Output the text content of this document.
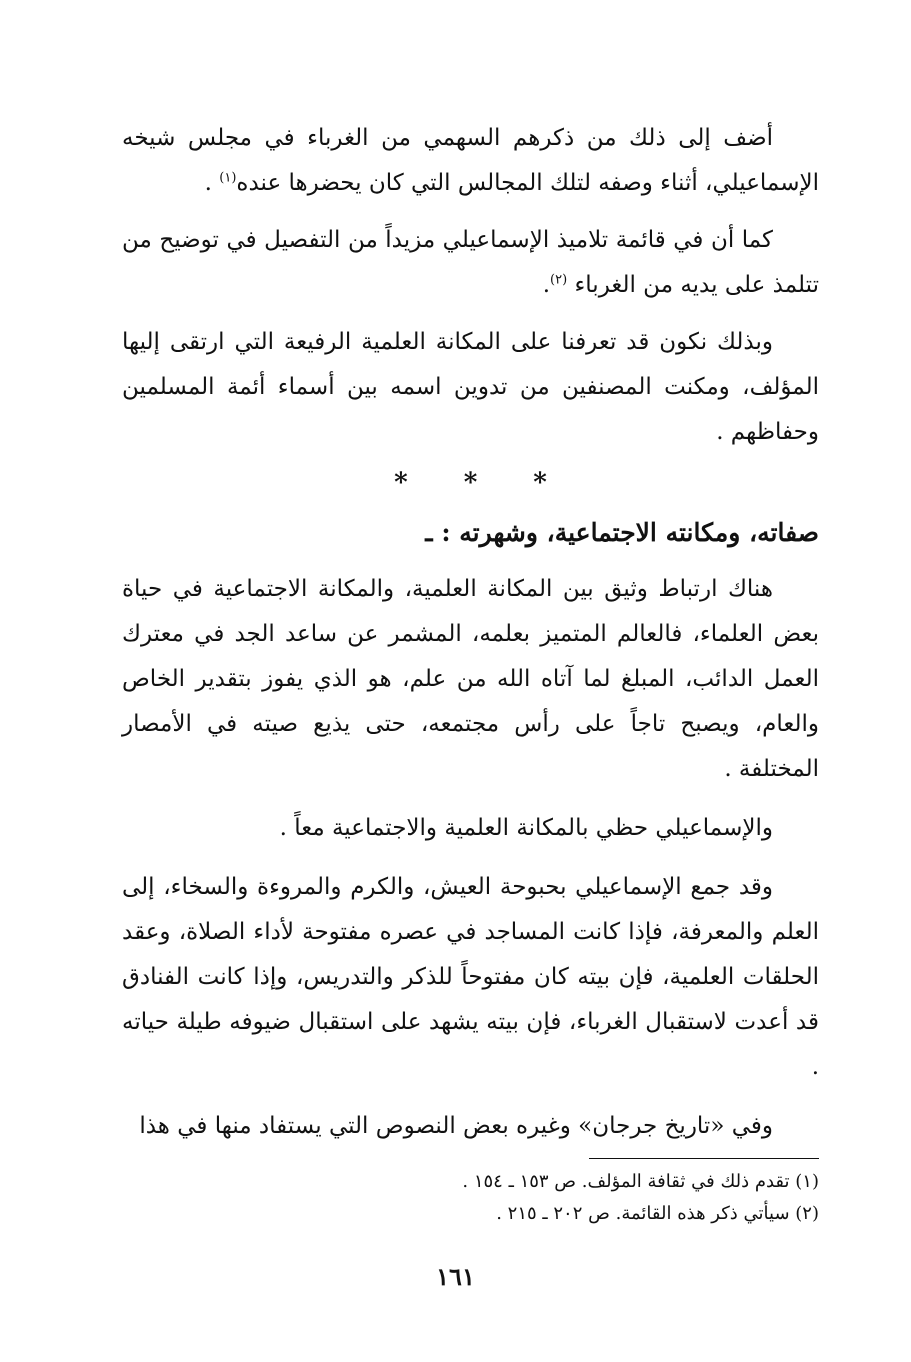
أضف إلى ذلك من ذكرهم السهمي من الغرباء في مجلس شيخه الإسماعيلي، أثناء وصفه لتلك المجالس التي كان يحضرها عنده$^{(١)}$ .

كما أن في قائمة تلاميذ الإسماعيلي مزيداً من التفصيل في توضيح من تتلمذ على يديه من الغرباء $^{(٢)}$.

وبذلك نكون قد تعرفنا على المكانة العلمية الرفيعة التي ارتقى إليها المؤلف، ومكنت المصنفين من تدوين اسمه بين أسماء أئمة المسلمين وحفاظهم .

* * *
صفاته، ومكانته الاجتماعية، وشهرته : ـ

هناك ارتباط وثيق بين المكانة العلمية، والمكانة الاجتماعية في حياة بعض العلماء، فالعالم المتميز بعلمه، المشمر عن ساعد الجد في معترك العمل الدائب، المبلغ لما آتاه الله من علم، هو الذي يفوز بتقدير الخاص والعام، ويصبح تاجاً على رأس مجتمعه، حتى يذيع صيته في الأمصار المختلفة .

والإسماعيلي حظي بالمكانة العلمية والاجتماعية معاً .

وقد جمع الإسماعيلي بحبوحة العيش، والكرم والمروءة والسخاء، إلى العلم والمعرفة، فإذا كانت المساجد في عصره مفتوحة لأداء الصلاة، وعقد الحلقات العلمية، فإن بيته كان مفتوحاً للذكر والتدريس، وإذا كانت الفنادق قد أعدت لاستقبال الغرباء، فإن بيته يشهد على استقبال ضيوفه طيلة حياته .

وفي «تاريخ جرجان» وغيره بعض النصوص التي يستفاد منها في هذا

(١) تقدم ذلك في ثقافة المؤلف. ص ١٥٣ ـ ١٥٤ .

(٢) سيأتي ذكر هذه القائمة. ص ٢٠٢ ـ ٢١٥ .

١٦١
